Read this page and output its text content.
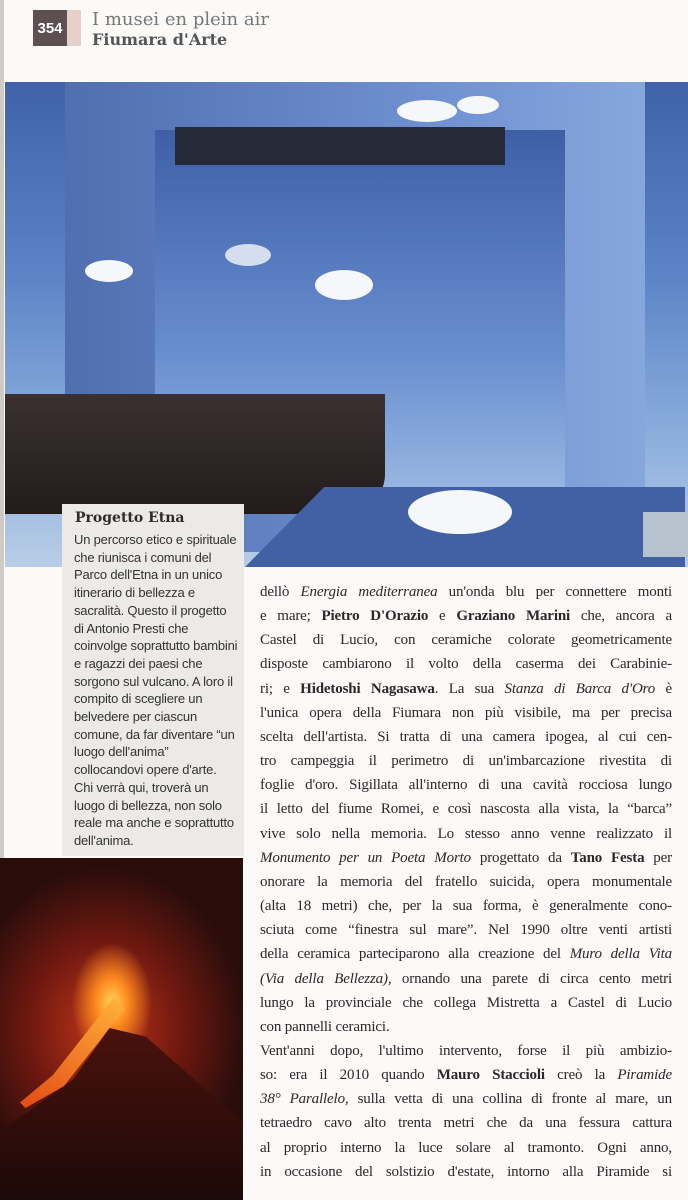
354 I musei en plein air
Fiumara d'Arte
Progetto Etna

Un percorso etico e spirituale che riunisca i comuni del Parco dell'Etna in un unico itinerario di bellezza e sacralità. Questo il progetto di Antonio Presti che coinvolge soprattutto bambini e ragazzi dei paesi che sorgono sul vulcano. A loro il compito di scegliere un belvedere per ciascun comune, da far diventare “un luogo dell'anima” collocandovi opere d'arte. Chi verrà qui, troverà un luogo di bellezza, non solo reale ma anche e soprattutto dell'anima.

dellò Energia mediterranea un'onda blu per connettere monti
e mare; Pietro D'Orazio e Graziano Marini che, ancora a
Castel di Lucio, con ceramiche colorate geometricamente
disposte cambiarono il volto della caserma dei Carabinie-
ri; e Hidetoshi Nagasawa. La sua Stanza di Barca d'Oro è
l'unica opera della Fiumara non più visibile, ma per precisa
scelta dell'artista. Si tratta di una camera ipogea, al cui cen-
tro campeggia il perimetro di un'imbarcazione rivestita di
foglie d'oro. Sigillata all'interno di una cavità rocciosa lungo
il letto del fiume Romei, e così nascosta alla vista, la “barca”
vive solo nella memoria. Lo stesso anno venne realizzato il
Monumento per un Poeta Morto progettato da Tano Festa per
onorare la memoria del fratello suicida, opera monumentale
(alta 18 metri) che, per la sua forma, è generalmente cono-
sciuta come “finestra sul mare”. Nel 1990 oltre venti artisti
della ceramica parteciparono alla creazione del Muro della Vita
(Via della Bellezza), ornando una parete di circa cento metri
lungo la provinciale che collega Mistretta a Castel di Lucio
con pannelli ceramici.
Vent'anni dopo, l'ultimo intervento, forse il più ambizio-
so: era il 2010 quando Mauro Staccioli creò la Piramide
38° Parallelo, sulla vetta di una collina di fronte al mare, un
tetraedro cavo alto trenta metri che da una fessura cattura
al proprio interno la luce solare al tramonto. Ogni anno,
in occasione del solstizio d'estate, intorno alla Piramide si
